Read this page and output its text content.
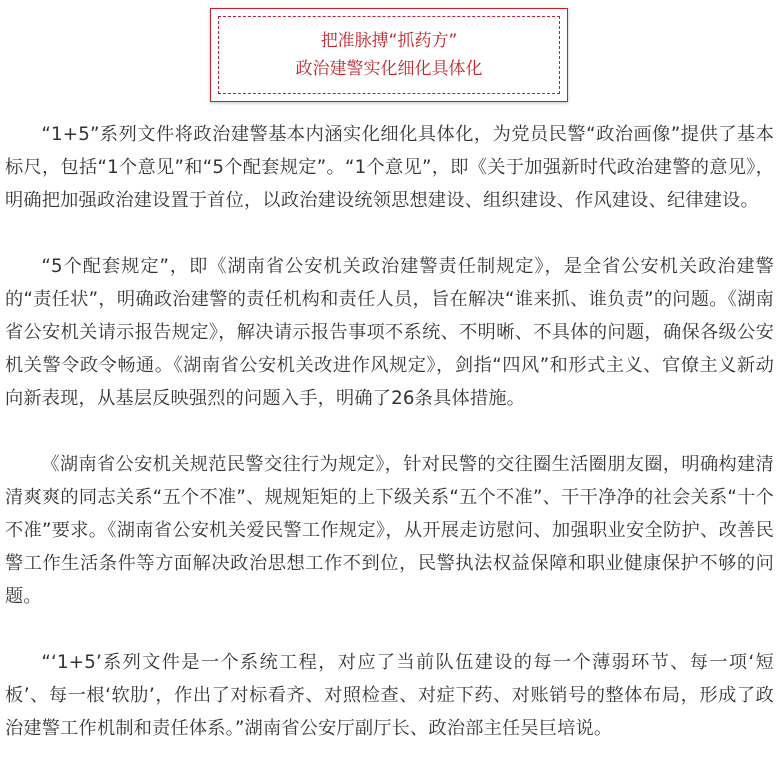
把准脉搏“抓药方”
政治建警实化细化具体化

“1+5”系列文件将政治建警基本内涵实化细化具体化，为党员民警“政治画像”提供了基本标尺，包括“1个意见”和“5个配套规定”。“1个意见”，即《关于加强新时代政治建警的意见》，明确把加强政治建设置于首位，以政治建设统领思想建设、组织建设、作风建设、纪律建设。

“5个配套规定”，即《湖南省公安机关政治建警责任制规定》，是全省公安机关政治建警的“责任状”，明确政治建警的责任机构和责任人员，旨在解决“谁来抓、谁负责”的问题。《湖南省公安机关请示报告规定》，解决请示报告事项不系统、不明晰、不具体的问题，确保各级公安机关警令政令畅通。《湖南省公安机关改进作风规定》，剑指“四风”和形式主义、官僚主义新动向新表现，从基层反映强烈的问题入手，明确了26条具体措施。

《湖南省公安机关规范民警交往行为规定》，针对民警的交往圈生活圈朋友圈，明确构建清清爽爽的同志关系“五个不准”、规规矩矩的上下级关系“五个不准”、干干净净的社会关系“十个不准”要求。《湖南省公安机关爱民警工作规定》，从开展走访慰问、加强职业安全防护、改善民警工作生活条件等方面解决政治思想工作不到位，民警执法权益保障和职业健康保护不够的问题。

“‘1+5’系列文件是一个系统工程，对应了当前队伍建设的每一个薄弱环节、每一项‘短板’、每一根‘软肋’，作出了对标看齐、对照检查、对症下药、对账销号的整体布局，形成了政治建警工作机制和责任体系。”湖南省公安厅副厅长、政治部主任吴巨培说。
